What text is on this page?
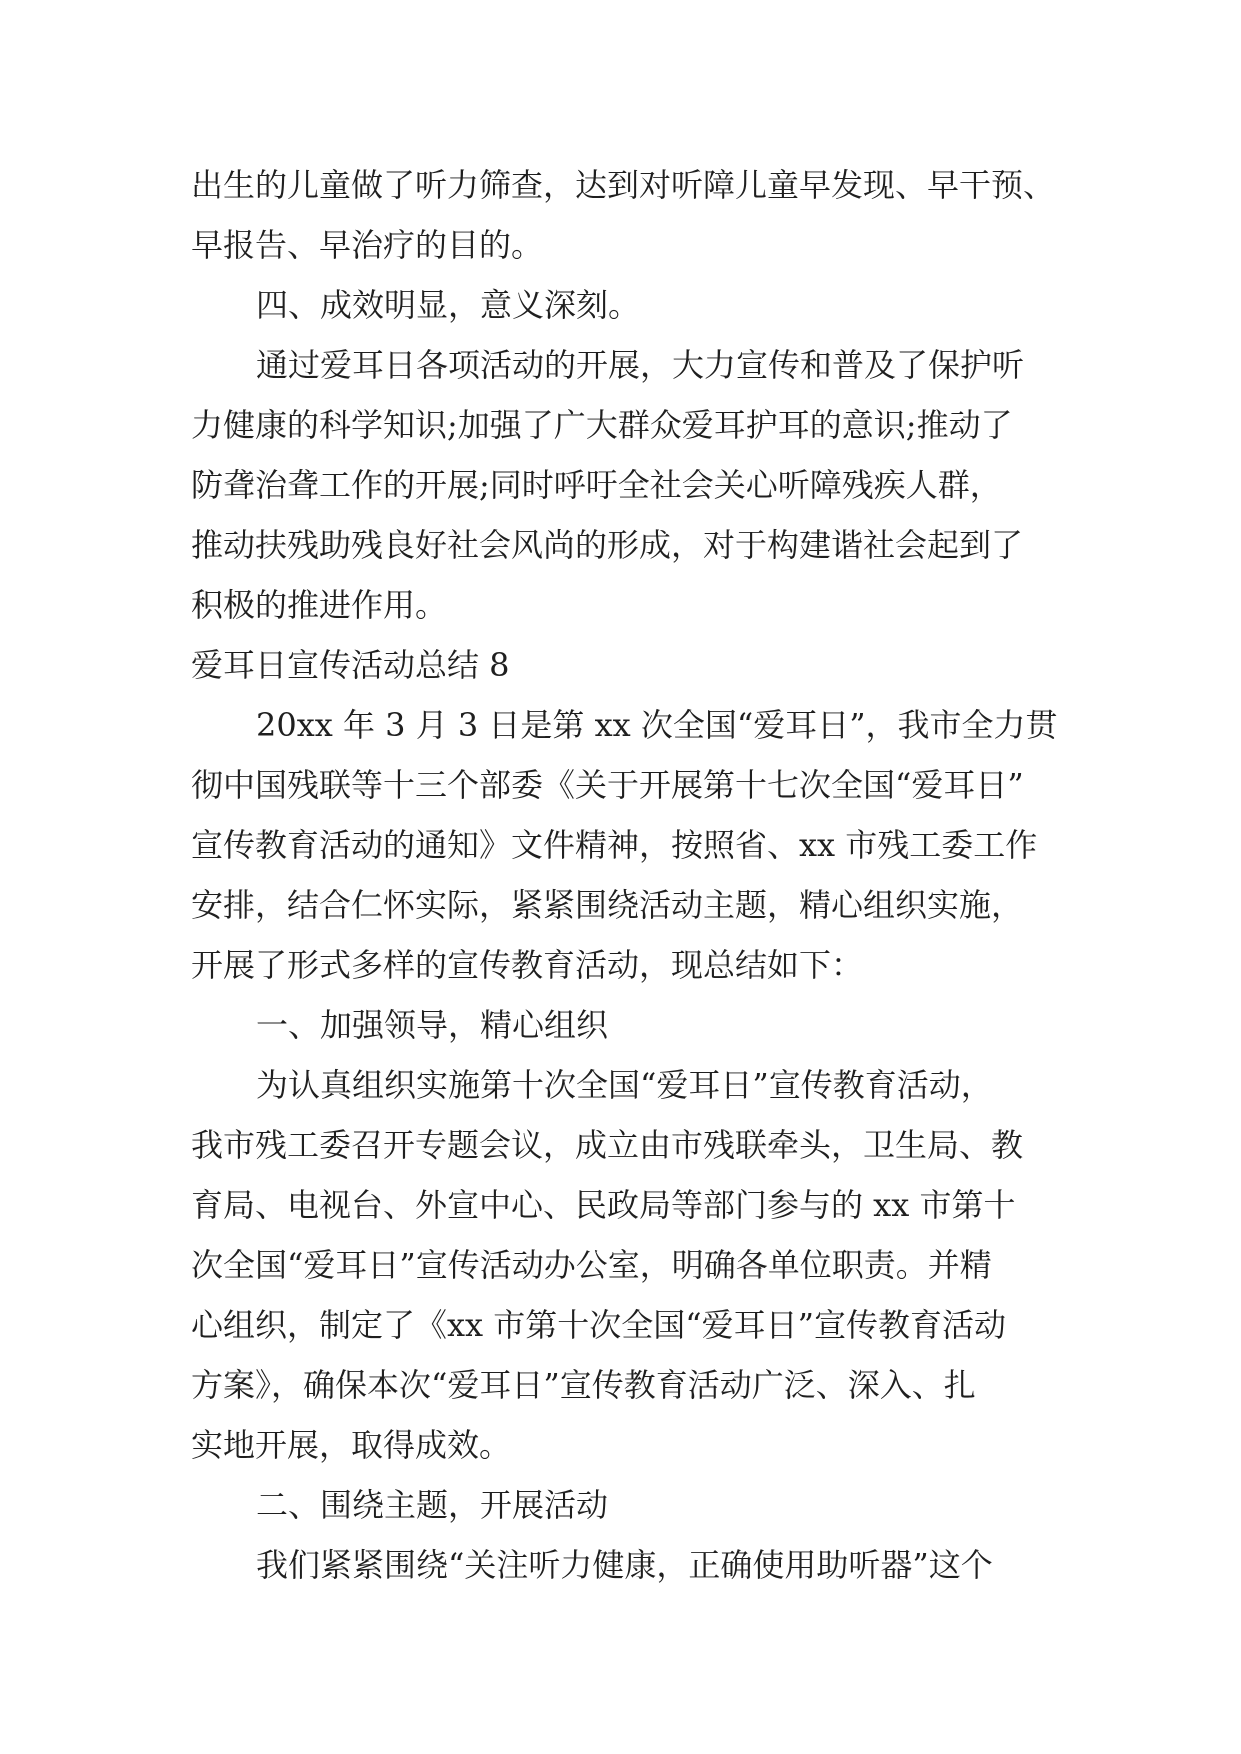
出生的儿童做了听力筛查，达到对听障儿童早发现、早干预、
早报告、早治疗的目的。
四、成效明显，意义深刻。
通过爱耳日各项活动的开展，大力宣传和普及了保护听
力健康的科学知识;加强了广大群众爱耳护耳的意识;推动了
防聋治聋工作的开展;同时呼吁全社会关心听障残疾人群，
推动扶残助残良好社会风尚的形成，对于构建谐社会起到了
积极的推进作用。
爱耳日宣传活动总结 8
20xx 年 3 月 3 日是第 xx 次全国“爱耳日”，我市全力贯
彻中国残联等十三个部委《关于开展第十七次全国“爱耳日”
宣传教育活动的通知》文件精神，按照省、xx 市残工委工作
安排，结合仁怀实际，紧紧围绕活动主题，精心组织实施，
开展了形式多样的宣传教育活动，现总结如下：
一、加强领导，精心组织
为认真组织实施第十次全国“爱耳日”宣传教育活动，
我市残工委召开专题会议，成立由市残联牵头，卫生局、教
育局、电视台、外宣中心、民政局等部门参与的 xx 市第十
次全国“爱耳日”宣传活动办公室，明确各单位职责。并精
心组织，制定了《xx 市第十次全国“爱耳日”宣传教育活动
方案》，确保本次“爱耳日”宣传教育活动广泛、深入、扎
实地开展，取得成效。
二、围绕主题，开展活动
我们紧紧围绕“关注听力健康，正确使用助听器”这个
